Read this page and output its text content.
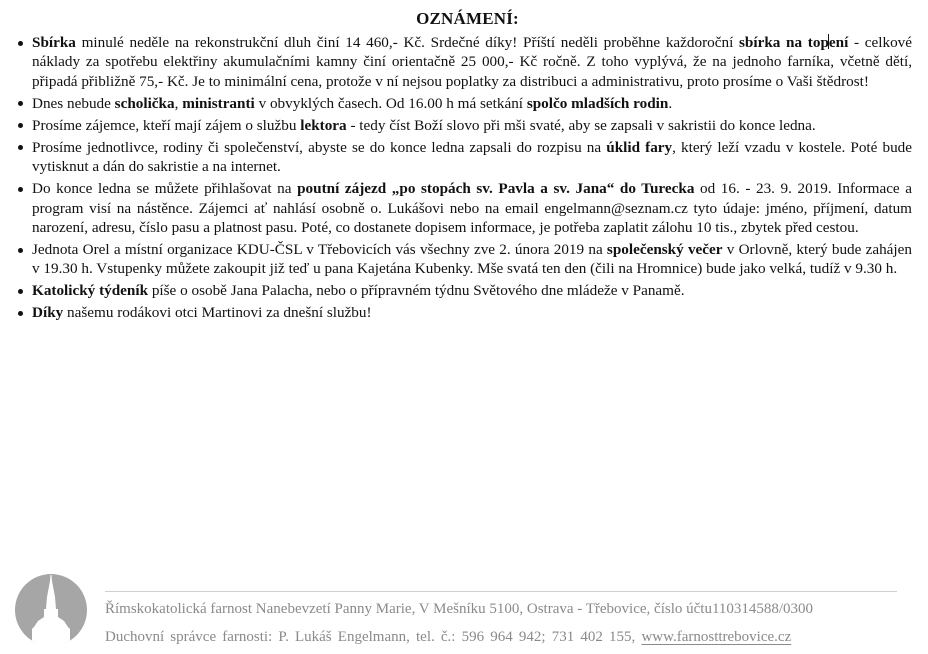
OZNÁMENÍ:
Sbírka minulé neděle na rekonstrukční dluh činí 14 460,- Kč. Srdečné díky! Příští neděli proběhne každoroční sbírka na topení - celkové náklady za spotřebu elektřiny akumulačními kamny činí orientačně 25 000,- Kč ročně. Z toho vyplývá, že na jednoho farníka, včetně dětí, připadá přibližně 75,- Kč. Je to minimální cena, protože v ní nejsou poplatky za distribuci a administrativu, proto prosíme o Vaši štědrost!
Dnes nebude scholička, ministranti v obvyklých časech. Od 16.00 h má setkání spolčo mladších rodin.
Prosíme zájemce, kteří mají zájem o službu lektora - tedy číst Boží slovo při mši svaté, aby se zapsali v sakristii do konce ledna.
Prosíme jednotlivce, rodiny či společenství, abyste se do konce ledna zapsali do rozpisu na úklid fary, který leží vzadu v kostele. Poté bude vytisknut a dán do sakristie a na internet.
Do konce ledna se můžete přihlašovat na poutní zájezd „po stopách sv. Pavla a sv. Jana“ do Turecka od 16. - 23. 9. 2019. Informace a program visí na nástěnce. Zájemci ať nahlásí osobně o. Lukášovi nebo na email engelmann@seznam.cz tyto údaje: jméno, příjmení, datum narození, adresu, číslo pasu a platnost pasu. Poté, co dostanete dopisem informace, je potřeba zaplatit zálohu 10 tis., zbytek před cestou.
Jednota Orel a místní organizace KDU-ČSL v Třebovicích vás všechny zve 2. února 2019 na společenský večer v Orlovně, který bude zahájen v 19.30 h. Vstupenky můžete zakoupit již teď u pana Kajetána Kubenky. Mše svatá ten den (čili na Hromnice) bude jako velká, tudíž v 9.30 h.
Katolický týdeník píše o osobě Jana Palacha, nebo o přípravném týdnu Světového dne mládeže v Panamě.
Díky našemu rodákovi otci Martinovi za dnešní službu!
Římskokatolická farnost Nanebevzetí Panny Marie, V Mešníku 5100, Ostrava - Třebovice, číslo účtu110314588/0300
Duchovní správce farnosti: P. Lukáš Engelmann, tel. č.: 596 964 942; 731 402 155, www.farnosttrebovice.cz
